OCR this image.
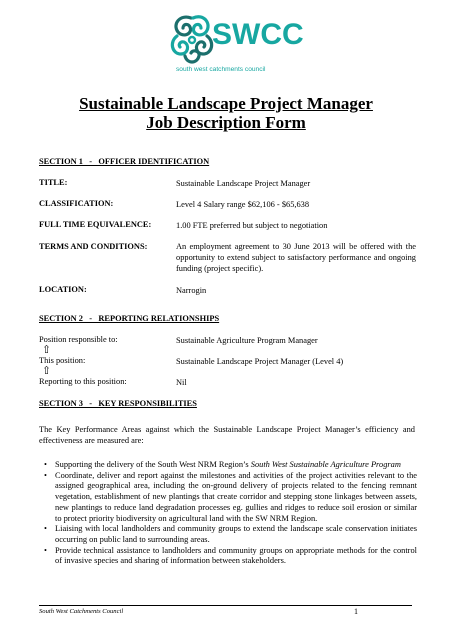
SWCC
south west catchments council
Sustainable Landscape Project Manager
Job Description Form
SECTION 1   -   OFFICER IDENTIFICATION
TITLE:	Sustainable Landscape Project Manager
CLASSIFICATION:	Level 4 Salary range $62,106 - $65,638
FULL TIME EQUIVALENCE:	1.00 FTE preferred but subject to negotiation
TERMS AND CONDITIONS:	An employment agreement to 30 June 2013 will be offered with the opportunity to extend subject to satisfactory performance and ongoing funding (project specific).
LOCATION:	Narrogin
SECTION 2   -   REPORTING RELATIONSHIPS
Position responsible to:	Sustainable Agriculture Program Manager
⇧
This position:	Sustainable Landscape Project Manager (Level 4)
⇧
Reporting to this position:	Nil
SECTION 3   -   KEY RESPONSIBILITIES
The Key Performance Areas against which the Sustainable Landscape Project Manager’s efficiency and effectiveness are measured are:
• Supporting the delivery of the South West NRM Region’s South West Sustainable Agriculture Program
• Coordinate, deliver and report against the milestones and activities of the project activities relevant to the assigned geographical area, including the on-ground delivery of projects related to the fencing remnant vegetation, establishment of new plantings that create corridor and stepping stone linkages between assets, new plantings to reduce land degradation processes eg. gullies and ridges to reduce soil erosion or similar to protect priority biodiversity on agricultural land with the SW NRM Region.
• Liaising with local landholders and community groups to extend the landscape scale conservation initiates occurring on public land to surrounding areas.
• Provide technical assistance to landholders and community groups on appropriate methods for the control of invasive species and sharing of information between stakeholders.
South West Catchments Council	1
